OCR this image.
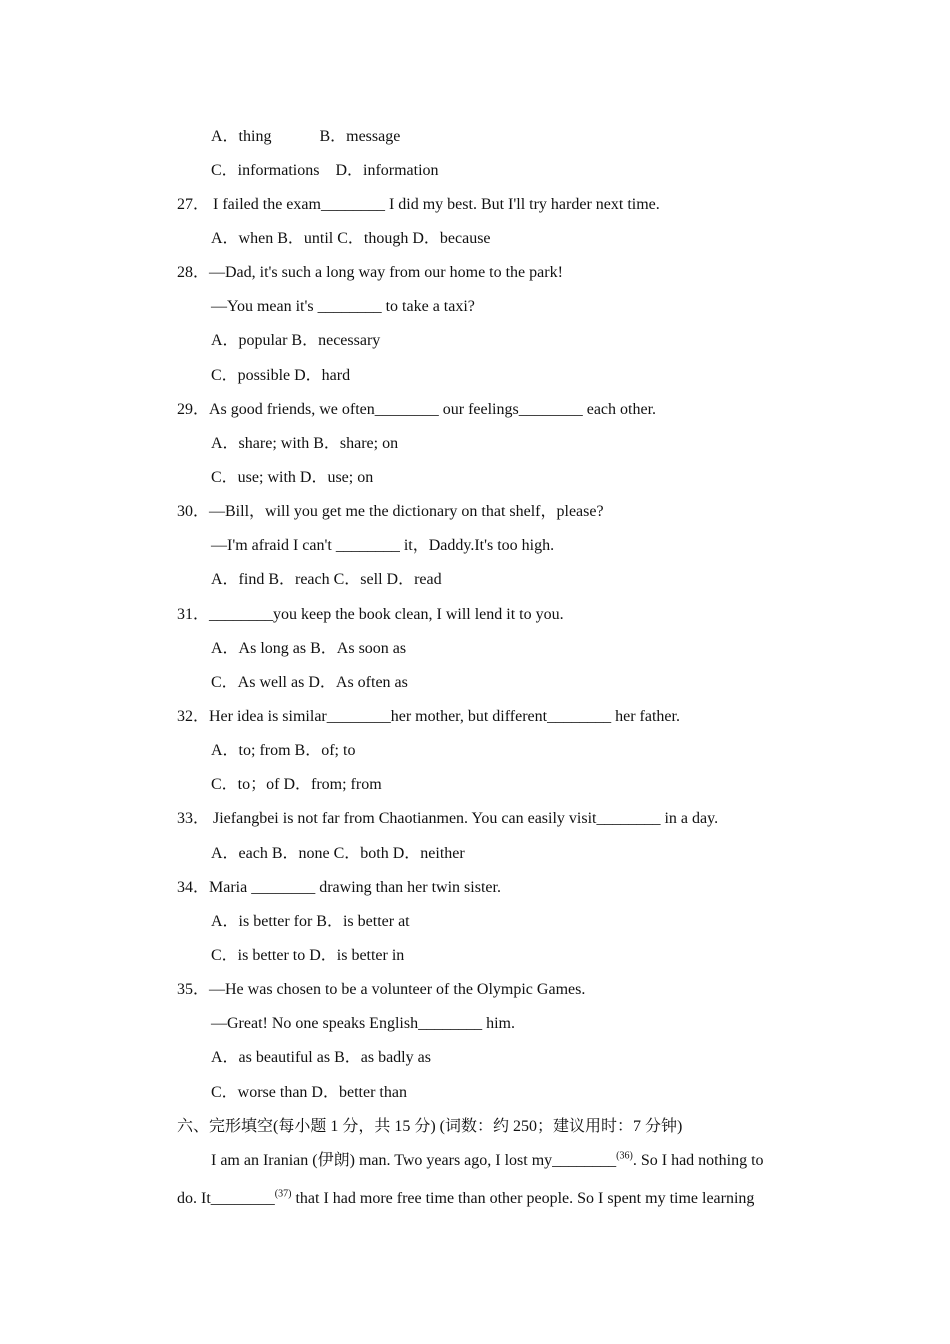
A．thing　　　B．message
C．informations　D．information
27． I failed the exam________ I did my best. But I'll try harder next time.
A．when B．until C．though D．because
28．—Dad, it's such a long way from our home to the park!
—You mean it's ________ to take a taxi?
A．popular B．necessary
C．possible D．hard
29．As good friends, we often________ our feelings________ each other.
A．share; with B．share; on
C．use; with D．use; on
30．—Bill，will you get me the dictionary on that shelf，please?
—I'm afraid I can't ________ it，Daddy.It's too high.
A．find B．reach C．sell D．read
31．________you keep the book clean, I will lend it to you.
A．As long as B．As soon as
C．As well as D．As often as
32．Her idea is similar________her mother, but different________ her father.
A．to; from B．of; to
C．to；of D．from; from
33． Jiefangbei is not far from Chaotianmen. You can easily visit________ in a day.
A．each B．none C．both D．neither
34．Maria ________ drawing than her twin sister.
A．is better for B．is better at
C．is better to D．is better in
35．—He was chosen to be a volunteer of the Olympic Games.
—Great! No one speaks English________ him.
A．as beautiful as B．as badly as
C．worse than D．better than
六、完形填空(每小题 1 分，共 15 分) (词数：约 250；建议用时：7 分钟)
I am an Iranian (伊朗) man. Two years ago, I lost my________$^{(36)}$. So I had nothing to
do. It________$^{(37)}$ that I had more free time than other people. So I spent my time learning
